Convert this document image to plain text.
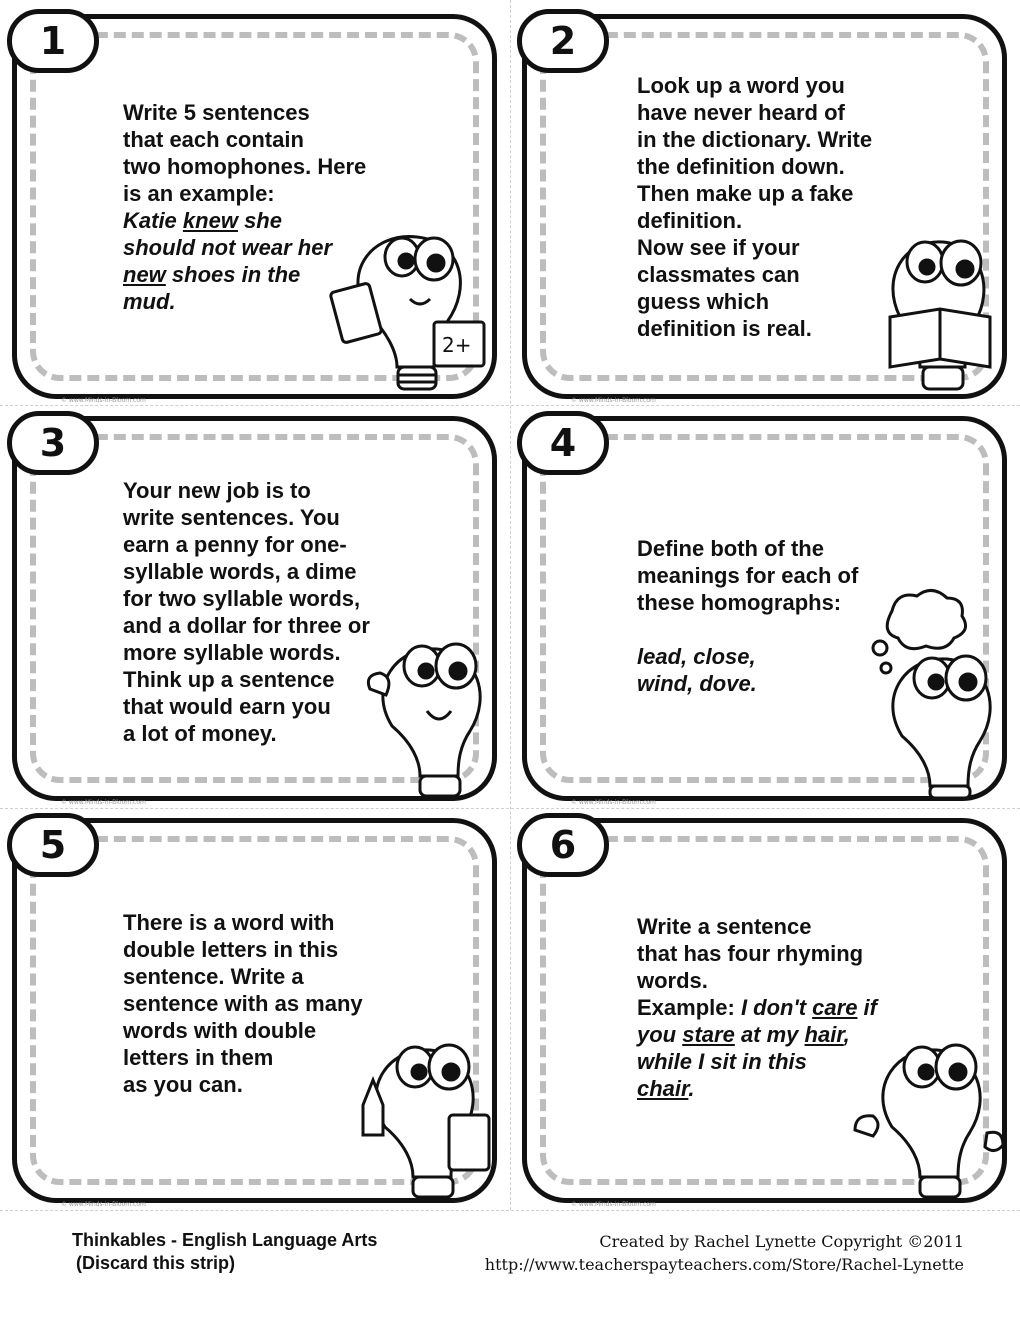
1
Write 5 sentences
that each contain
two homophones. Here
is an example:
Katie knew she
should not wear her
new shoes in the
mud.
2+
© www.Minds-in-Bloom.com
2
Look up a word you
have never heard of
in the dictionary. Write
the definition down.
Then make up a fake
definition.
Now see if your
classmates can
guess which
definition is real.
© www.Minds-in-Bloom.com
3
Your new job is to
write sentences. You
earn a penny for one-
syllable words, a dime
for two syllable words,
and a dollar for three or
more syllable words.
Think up a sentence
that would earn you
a lot of money.
© www.Minds-in-Bloom.com
4
Define both of the
meanings for each of
these homographs:

lead, close,
wind, dove.
© www.Minds-in-Bloom.com
5
There is a word with
double letters in this
sentence. Write a
sentence with as many
words with double
letters in them
as you can.
© www.Minds-in-Bloom.com
6
Write a sentence
that has four rhyming
words.
Example: I don't care if
you stare at my hair,
while I sit in this
chair.
© www.Minds-in-Bloom.com
Thinkables - English Language Arts
(Discard this strip)
Created by Rachel Lynette Copyright ©2011
http://www.teacherspayteachers.com/Store/Rachel-Lynette
